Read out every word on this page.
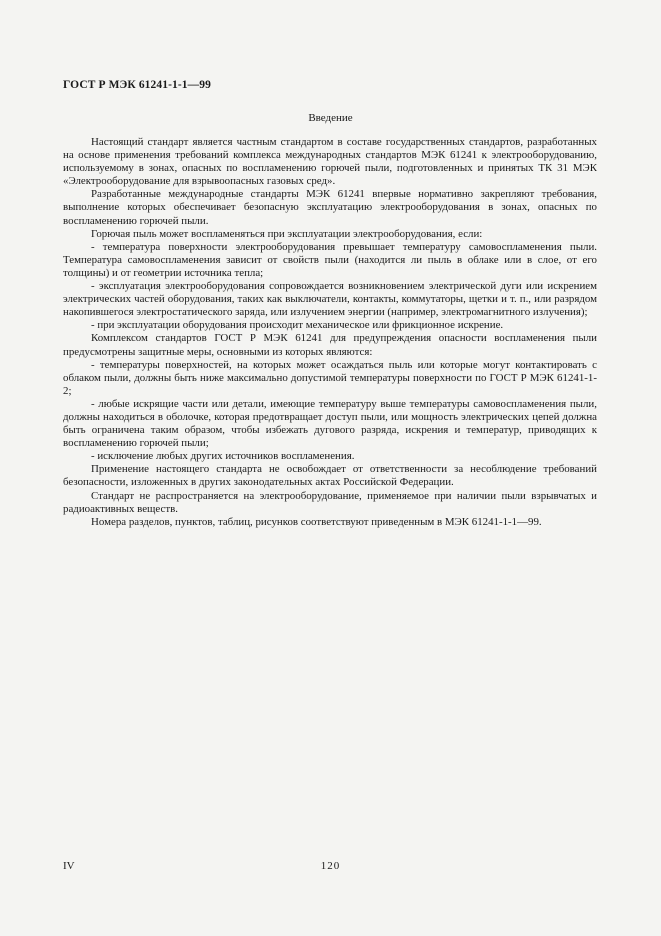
ГОСТ Р МЭК 61241-1-1—99
Введение

Настоящий стандарт является частным стандартом в составе государственных стандартов, разработанных на основе применения требований комплекса международных стандартов МЭК 61241 к электрооборудованию, используемому в зонах, опасных по воспламенению горючей пыли, подготовленных и принятых ТК 31 МЭК «Электрооборудование для взрывоопасных газовых сред».

Разработанные международные стандарты МЭК 61241 впервые нормативно закрепляют требования, выполнение которых обеспечивает безопасную эксплуатацию электрооборудования в зонах, опасных по воспламенению горючей пыли.

Горючая пыль может воспламеняться при эксплуатации электрооборудования, если:

- температура поверхности электрооборудования превышает температуру самовоспламенения пыли. Температура самовоспламенения зависит от свойств пыли (находится ли пыль в облаке или в слое, от его толщины) и от геометрии источника тепла;

- эксплуатация электрооборудования сопровождается возникновением электрической дуги или искрением электрических частей оборудования, таких как выключатели, контакты, коммутаторы, щетки и т. п., или разрядом накопившегося электростатического заряда, или излучением энергии (например, электромагнитного излучения);

- при эксплуатации оборудования происходит механическое или фрикционное искрение.

Комплексом стандартов ГОСТ Р МЭК 61241 для предупреждения опасности воспламенения пыли предусмотрены защитные меры, основными из которых являются:

- температуры поверхностей, на которых может осаждаться пыль или которые могут контактировать с облаком пыли, должны быть ниже максимально допустимой температуры поверхности по ГОСТ Р МЭК 61241-1-2;

- любые искрящие части или детали, имеющие температуру выше температуры самовоспламенения пыли, должны находиться в оболочке, которая предотвращает доступ пыли, или мощность электрических цепей должна быть ограничена таким образом, чтобы избежать дугового разряда, искрения и температур, приводящих к воспламенению горючей пыли;

- исключение любых других источников воспламенения.

Применение настоящего стандарта не освобождает от ответственности за несоблюдение требований безопасности, изложенных в других законодательных актах Российской Федерации.

Стандарт не распространяется на электрооборудование, применяемое при наличии пыли взрывчатых и радиоактивных веществ.

Номера разделов, пунктов, таблиц, рисунков соответствуют приведенным в МЭК 61241-1-1—99.

IV	120
